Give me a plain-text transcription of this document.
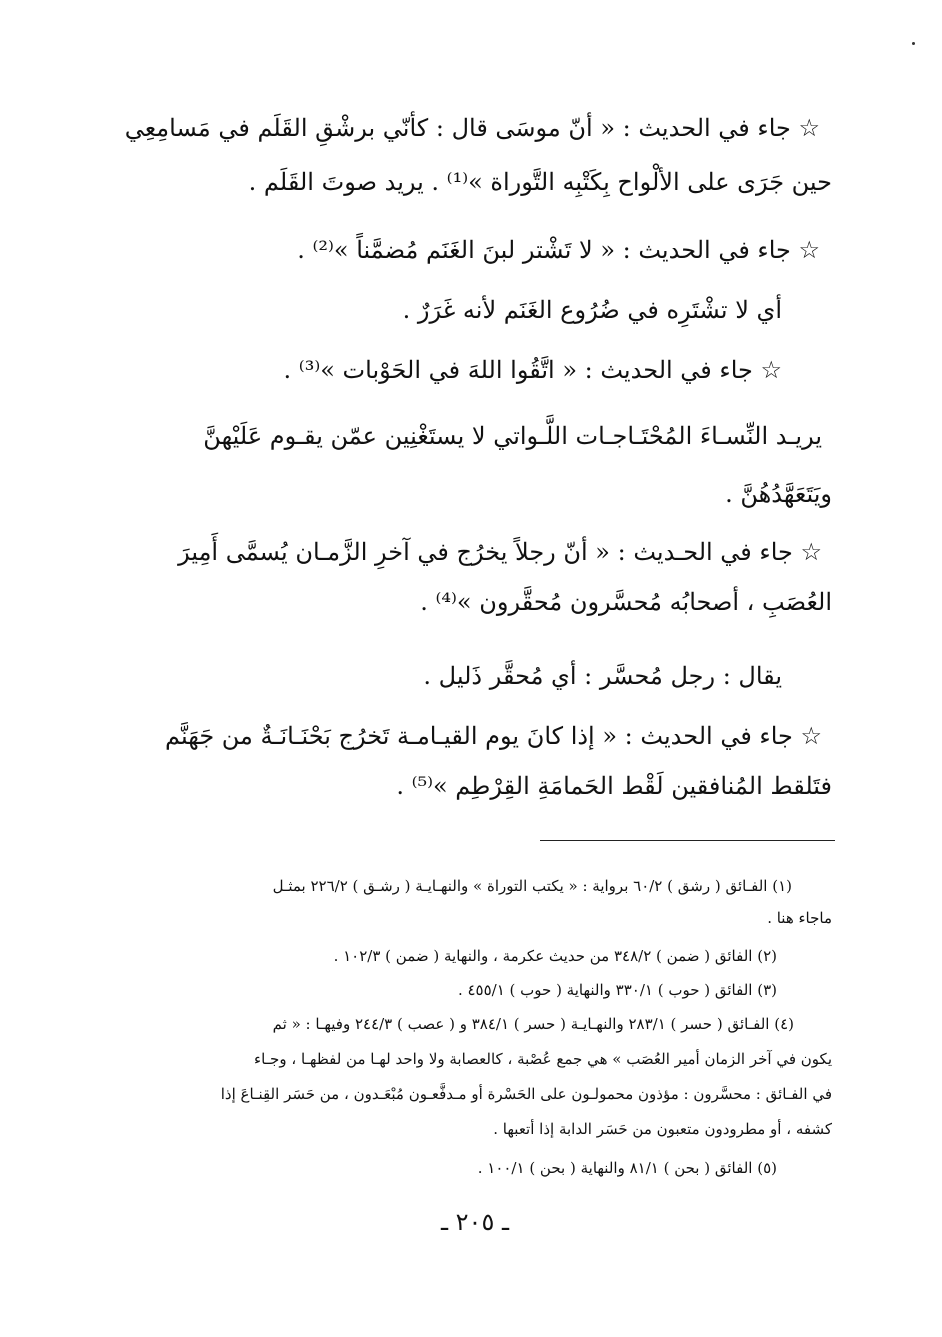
☆ جاء في الحديث : « أنّ موسَى قال : كأنّي برشْقِ القَلَم في مَسامِعِي
حين جَرَى على الألْواح بِكَتْبِه التَّوراة »⁽¹⁾ . يريد صوتَ القَلَم .
☆ جاء في الحديث : « لا تَشْتر لبنَ الغَنَم مُضمَّناً »⁽²⁾ .
أي لا تشْتَرِه في ضُرُوع الغَنَم لأنه غَرَرٌ .
☆ جاء في الحديث : « اتَّقُوا اللهَ في الحَوْبات »⁽³⁾ .
يريـد النِّسـاءَ المُحْتَـاجـات اللَّـواتي لا يستَغْنِين عمّن يقـوم عَلَيْهنَّ
ويَتَعَهَّدُهُنَّ .
☆ جاء في الحـديث : « أنّ رجلاً يخرُج في آخرِ الزَّمـان يُسمَّى أَمِيرَ
العُصَبِ ، أصحابُه مُحسَّرون مُحقَّرون »⁽⁴⁾ .
يقال : رجل مُحسَّر : أي مُحقَّر ذَليل .
☆ جاء في الحديث : « إذا كانَ يوم القيـامـة تَخرُج بَحْنَـانَـةٌ من جَهَنَّم
فتَلقط المُنافقين لَقْط الحَمامَةِ القِرْطِم »⁽⁵⁾ .
(١) الفـائق ( رشق ) ٦٠/٢ برواية : « يكتب التوراة » والنهـايـة ( رشـق ) ٢٢٦/٢ بمثـل
ماجاء هنا .
(٢) الفائق ( ضمن ) ٣٤٨/٢ من حديث عكرمة ، والنهاية ( ضمن ) ١٠٢/٣ .
(٣) الفائق ( حوب ) ٣٣٠/١ والنهاية ( حوب ) ٤٥٥/١ .
(٤) الفـائق ( حسر ) ٢٨٣/١ والنهـايـة ( حسر ) ٣٨٤/١ و ( عصب ) ٢٤٤/٣ وفيهـا : « ثم
يكون في آخر الزمان أمير العُصَب » هي جمع عُصْبة ، كالعصابة ولا واحد لهـا من لفظهـا ، وجـاء
في الفـائق : محسَّرون : مؤذون محمولـون على الحَسْرة أو مـدفَّعـون مُبْعَـدون ، من حَسَر القِنـاعَ إذا
كشفه ، أو مطرودون متعبون من حَسَر الدابة إذا أتعبها .
(٥) الفائق ( بحن ) ٨١/١ والنهاية ( بحن ) ١٠٠/١ .
ـ ٢٠٥ ـ
